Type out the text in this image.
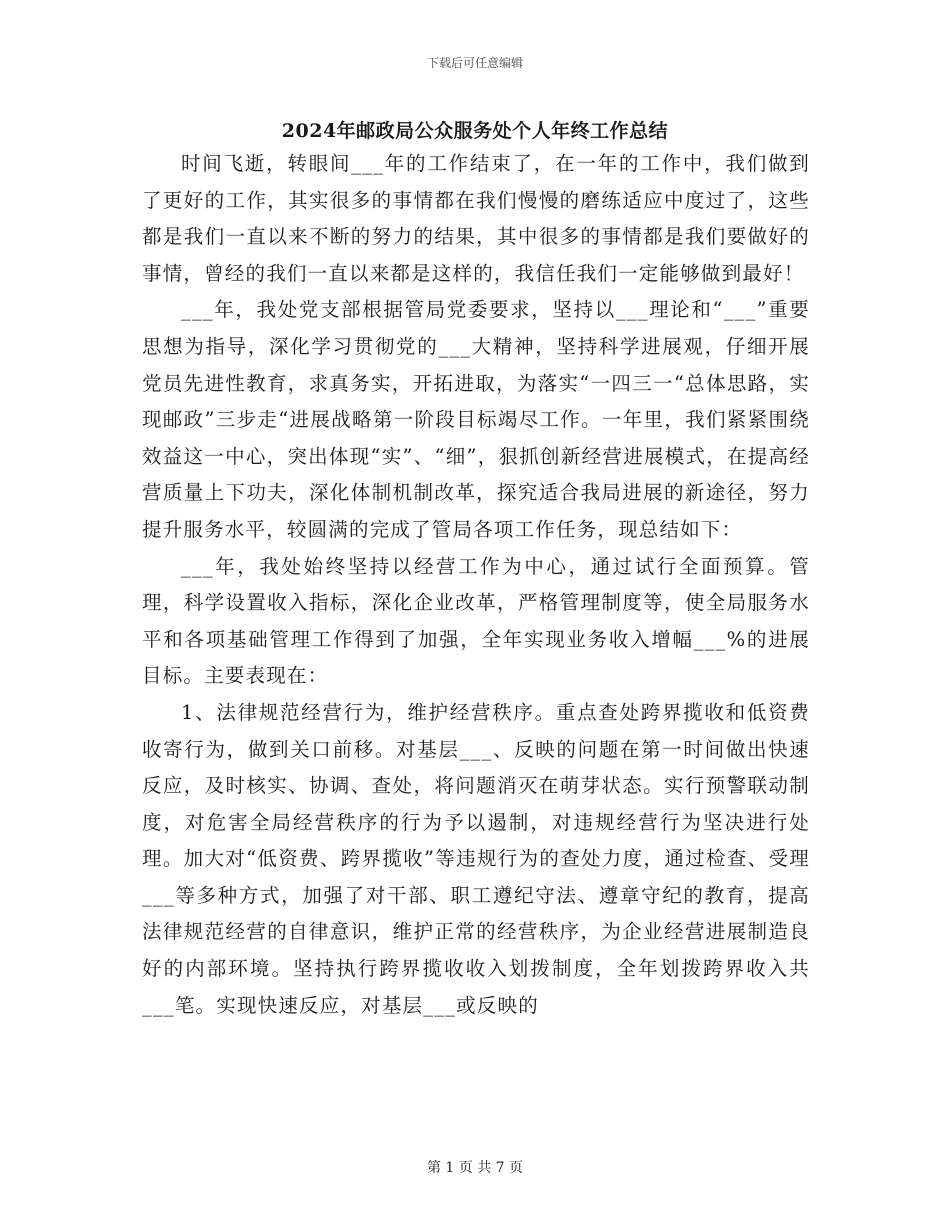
下载后可任意编辑
2024年邮政局公众服务处个人年终工作总结

时间飞逝，转眼间___年的工作结束了，在一年的工作中，我们做到了更好的工作，其实很多的事情都在我们慢慢的磨练适应中度过了，这些都是我们一直以来不断的努力的结果，其中很多的事情都是我们要做好的事情，曾经的我们一直以来都是这样的，我信任我们一定能够做到最好！

___年，我处党支部根据管局党委要求，坚持以___理论和“___”重要思想为指导，深化学习贯彻党的___大精神，坚持科学进展观，仔细开展党员先进性教育，求真务实，开拓进取，为落实“一四三一“总体思路，实现邮政”三步走“进展战略第一阶段目标竭尽工作。一年里，我们紧紧围绕效益这一中心，突出体现“实”、“细”，狠抓创新经营进展模式，在提高经营质量上下功夫，深化体制机制改革，探究适合我局进展的新途径，努力提升服务水平，较圆满的完成了管局各项工作任务，现总结如下：

___年，我处始终坚持以经营工作为中心，通过试行全面预算。管理，科学设置收入指标，深化企业改革，严格管理制度等，使全局服务水平和各项基础管理工作得到了加强，全年实现业务收入增幅___%的进展目标。主要表现在：

1、法律规范经营行为，维护经营秩序。重点查处跨界揽收和低资费收寄行为，做到关口前移。对基层___、反映的问题在第一时间做出快速反应，及时核实、协调、查处，将问题消灭在萌芽状态。实行预警联动制度，对危害全局经营秩序的行为予以遏制，对违规经营行为坚决进行处理。加大对“低资费、跨界揽收”等违规行为的查处力度，通过检查、受理___等多种方式，加强了对干部、职工遵纪守法、遵章守纪的教育，提高法律规范经营的自律意识，维护正常的经营秩序，为企业经营进展制造良好的内部环境。坚持执行跨界揽收收入划拨制度，全年划拨跨界收入共___笔。实现快速反应，对基层___或反映的

第 1 页 共 7 页
